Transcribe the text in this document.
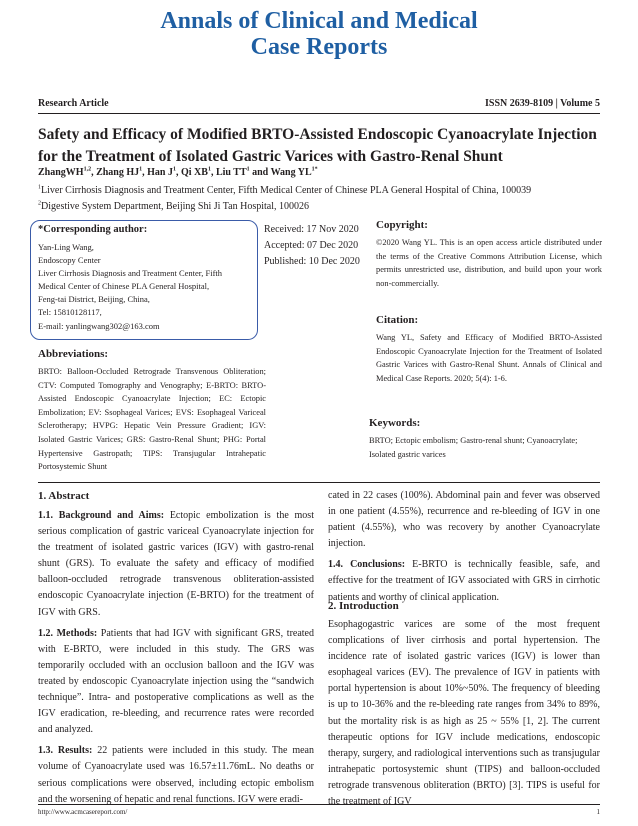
Annals of Clinical and Medical
Case Reports
Research Article	ISSN 2639-8109 | Volume 5
Safety and Efficacy of Modified BRTO-Assisted Endoscopic Cyanoacrylate Injection
for the Treatment of Isolated Gastric Varices with Gastro-Renal Shunt
ZhangWH$^{1,2}$, Zhang $HJ^1$, Han $J^1$, Qi $XB^1$, Liu $TT^1$ and Wang $YL^{1*}$
$^1$Liver Cirrhosis Diagnosis and Treatment Center, Fifth Medical Center of Chinese PLA General Hospital of China, 100039
$^2$Digestive System Department, Beijing Shi Ji Tan Hospital, 100026
*Corresponding author:
Yan-Ling Wang,
Endoscopy Center
Liver Cirrhosis Diagnosis and Treatment Center, Fifth
Medical Center of Chinese PLA General Hospital,
Feng-tai District, Beijing, China,
Tel: 15810128117,
E-mail: yanlingwang302@163.com
Received: 17 Nov 2020
Accepted: 07 Dec 2020
Published: 10 Dec 2020
Copyright:
©2020 Wang YL. This is an open access article distributed under the terms of the Creative Commons Attribution License, which permits unrestricted use, distribution, and build upon your work non-commercially.
Citation:
Wang YL, Safety and Efficacy of Modified BRTO-Assisted Endoscopic Cyanoacrylate Injection for the Treatment of Isolated Gastric Varices with Gastro-Renal Shunt. Annals of Clinical and Medical Case Reports. 2020; 5(4): 1-6.
Abbreviations:
BRTO: Balloon-Occluded Retrograde Transvenous Obliteration; CTV: Computed Tomography and Venography; E-BRTO: BRTO-Assisted Endoscopic Cyanoacrylate Injection; EC: Ectopic Embolization; EV: Ssophageal Varices; EVS: Esophageal Variceal Sclerotherapy; HVPG: Hepatic Vein Pressure Gradient; IGV: Isolated Gastric Varices; GRS: Gastro-Renal Shunt; PHG: Portal Hypertensive Gastropath; TIPS: Transjugular Intrahepatic Portosystemic Shunt
Keywords:
BRTO; Ectopic embolism; Gastro-renal shunt; Cyanoacrylate; Isolated gastric varices
1. Abstract

1.1. Background and Aims: Ectopic embolization is the most serious complication of gastric variceal Cyanoacrylate injection for the treatment of isolated gastric varices (IGV) with gastro-renal shunt (GRS). To evaluate the safety and efficacy of modified balloon-occluded retrograde transvenous obliteration-assisted endoscopic Cyanoacrylate injection (E-BRTO) for the treatment of IGV with GRS.

1.2. Methods: Patients that had IGV with significant GRS, treated with E-BRTO, were included in this study. The GRS was temporarily occluded with an occlusion balloon and the IGV was treated by endoscopic Cyanoacrylate injection using the “sandwich technique”. Intra- and postoperative complications as well as the IGV eradication, re-bleeding, and recurrence rates were recorded and analyzed.

1.3. Results: 22 patients were included in this study. The mean volume of Cyanoacrylate used was 16.57±11.76mL. No deaths or serious complications were observed, including ectopic embolism and the worsening of hepatic and renal functions. IGV were eradi-

cated in 22 cases (100%). Abdominal pain and fever was observed in one patient (4.55%), recurrence and re-bleeding of IGV in one patient (4.55%), who was recovery by another Cyanoacrylate injection.

1.4. Conclusions: E-BRTO is technically feasible, safe, and effective for the treatment of IGV associated with GRS in cirrhotic patients and worthy of clinical application.

2. Introduction
Esophagogastric varices are some of the most frequent complications of liver cirrhosis and portal hypertension. The incidence rate of isolated gastric varices (IGV) is lower than esophageal varices (EV). The prevalence of IGV in patients with portal hypertension is about 10%~50%. The frequency of bleeding is up to 10-36% and the re-bleeding rate ranges from 34% to 89%, but the mortality risk is as high as 25 ~ 55% [1, 2]. The current therapeutic options for IGV include medications, endoscopic therapy, surgery, and radiological interventions such as transjugular intrahepatic portosystemic shunt (TIPS) and balloon-occluded retrograde transvenous obliteration (BRTO) [3]. TIPS is useful for the treatment of IGV
http://www.acmcasereport.com/	1
